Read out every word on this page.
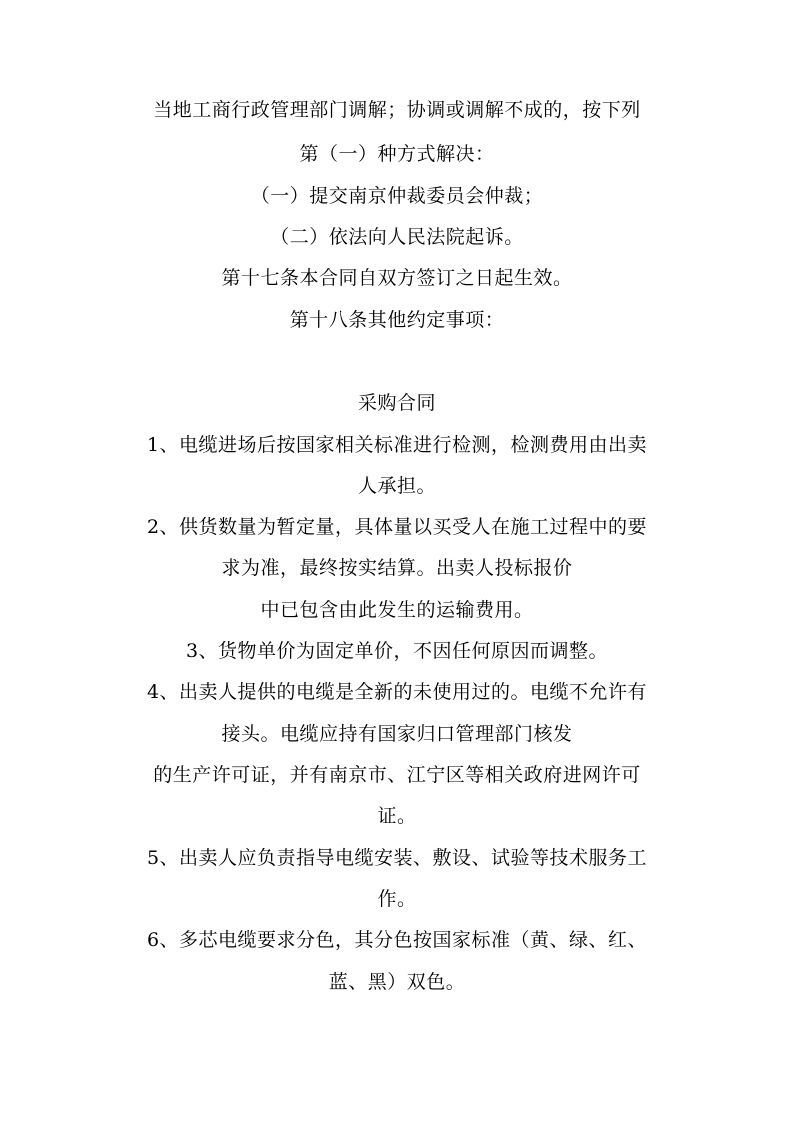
当地工商行政管理部门调解；协调或调解不成的，按下列
第（一）种方式解决：
（一）提交南京仲裁委员会仲裁；
（二）依法向人民法院起诉。
第十七条本合同自双方签订之日起生效。
第十八条其他约定事项：
采购合同
1、电缆进场后按国家相关标准进行检测，检测费用由出卖
人承担。
2、供货数量为暂定量，具体量以买受人在施工过程中的要
求为准，最终按实结算。出卖人投标报价
中已包含由此发生的运输费用。
3、货物单价为固定单价，不因任何原因而调整。
4、出卖人提供的电缆是全新的未使用过的。电缆不允许有
接头。电缆应持有国家归口管理部门核发
的生产许可证，并有南京市、江宁区等相关政府进网许可
证。
5、出卖人应负责指导电缆安装、敷设、试验等技术服务工
作。
6、多芯电缆要求分色，其分色按国家标准（黄、绿、红、
蓝、黑）双色。
